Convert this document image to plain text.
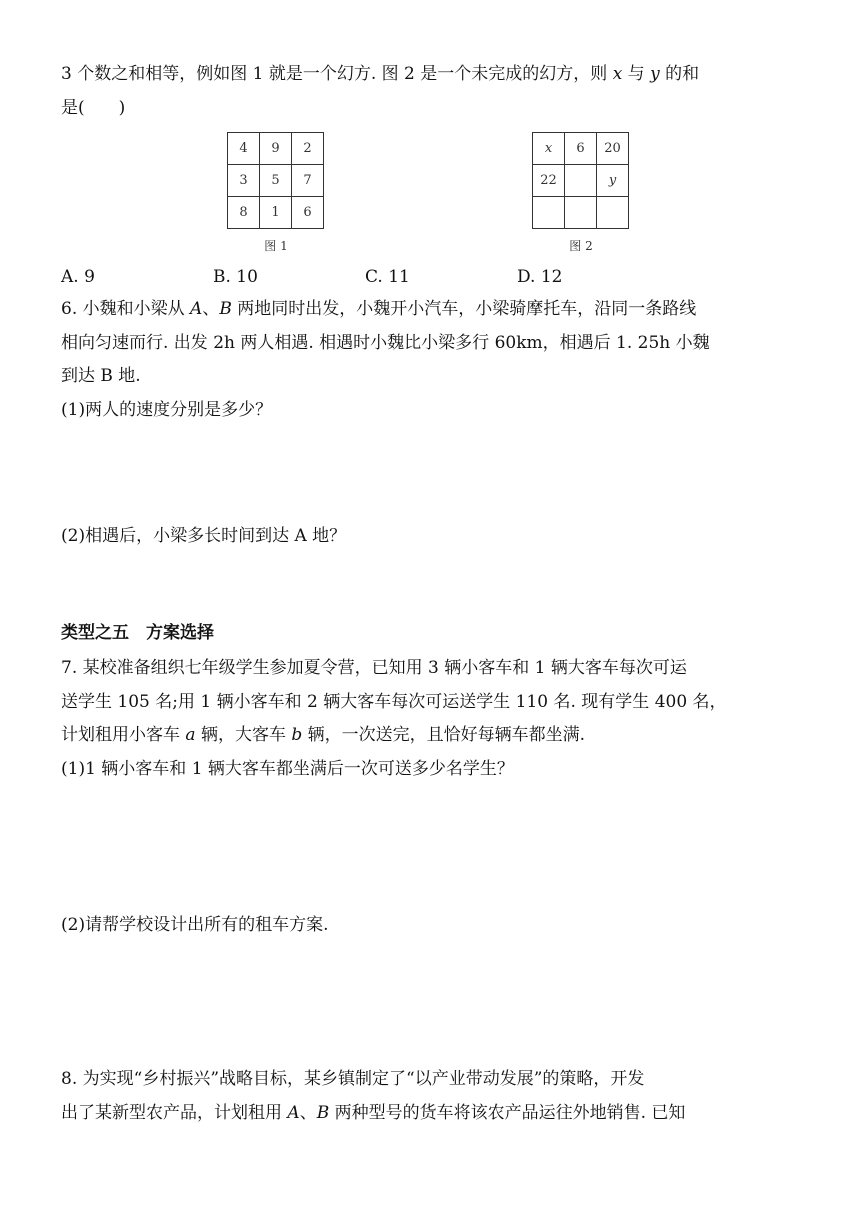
3 个数之和相等，例如图 1 就是一个幻方. 图 2 是一个未完成的幻方，则 x 与 y 的和
是(　　)
4	9	2
3	5	7
8	1	6
图 1
x	6	20
22		y

图 2
A. 9	B. 10	C. 11	D. 12
6. 小魏和小梁从 A、B 两地同时出发，小魏开小汽车，小梁骑摩托车，沿同一条路线
相向匀速而行. 出发 2h 两人相遇. 相遇时小魏比小梁多行 60km，相遇后 1. 25h 小魏
到达 B 地.
(1)两人的速度分别是多少？
(2)相遇后，小梁多长时间到达 A 地？
类型之五　方案选择
7. 某校准备组织七年级学生参加夏令营，已知用 3 辆小客车和 1 辆大客车每次可运
送学生 105 名;用 1 辆小客车和 2 辆大客车每次可运送学生 110 名. 现有学生 400 名，
计划租用小客车 a 辆，大客车 b 辆，一次送完，且恰好每辆车都坐满.
(1)1 辆小客车和 1 辆大客车都坐满后一次可送多少名学生？
(2)请帮学校设计出所有的租车方案.
8. 为实现“乡村振兴”战略目标，某乡镇制定了“以产业带动发展”的策略，开发
出了某新型农产品，计划租用 A、B 两种型号的货车将该农产品运往外地销售. 已知
